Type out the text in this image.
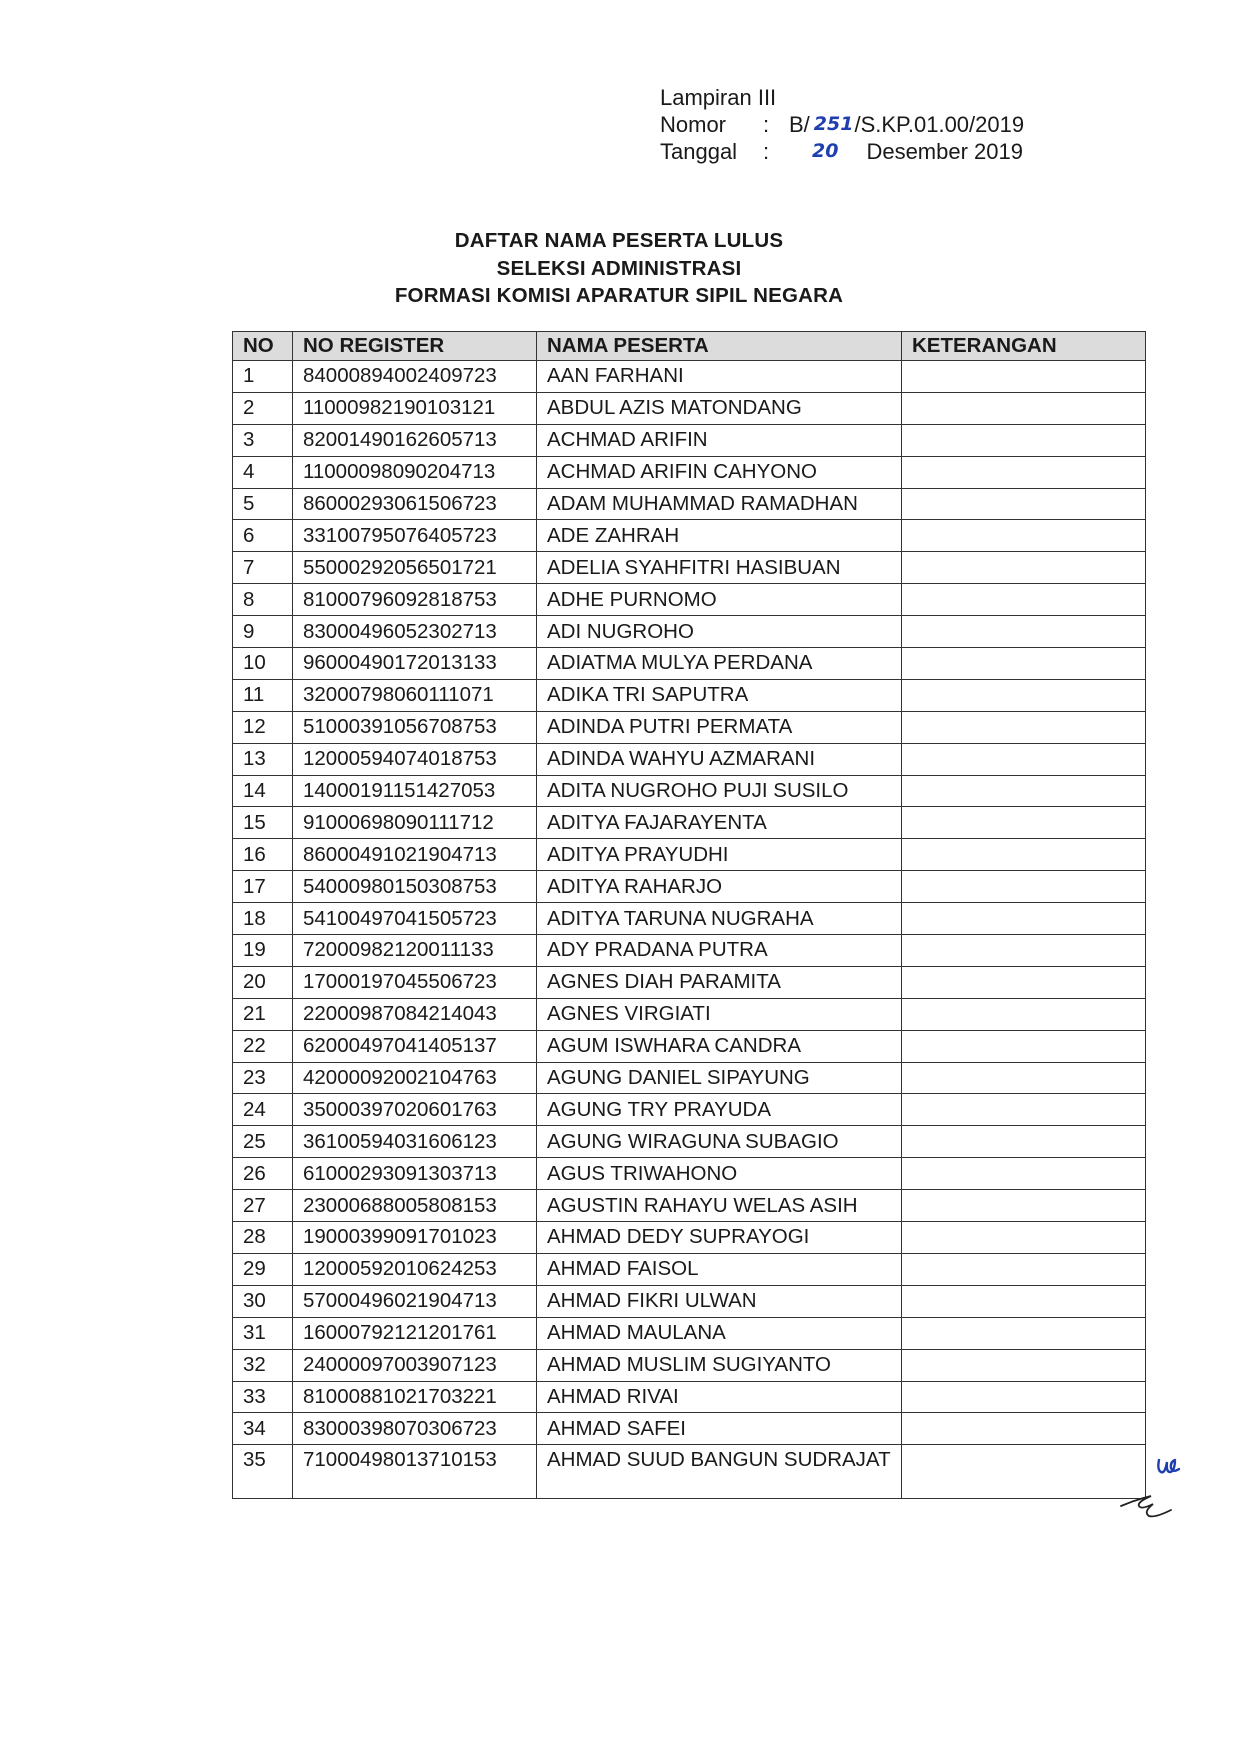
Lampiran III
Nomor	: B/ 251 /S.KP.01.00/2019
Tanggal	:	20 Desember 2019
DAFTAR NAMA PESERTA LULUS
SELEKSI ADMINISTRASI
FORMASI KOMISI APARATUR SIPIL NEGARA
NO	NO REGISTER	NAMA PESERTA	KETERANGAN
1	84000894002409723	AAN FARHANI	
2	11000982190103121	ABDUL AZIS MATONDANG	
3	82001490162605713	ACHMAD ARIFIN	
4	11000098090204713	ACHMAD ARIFIN CAHYONO	
5	86000293061506723	ADAM MUHAMMAD RAMADHAN	
6	33100795076405723	ADE ZAHRAH	
7	55000292056501721	ADELIA SYAHFITRI HASIBUAN	
8	81000796092818753	ADHE PURNOMO	
9	83000496052302713	ADI NUGROHO	
10	96000490172013133	ADIATMA MULYA PERDANA	
11	32000798060111071	ADIKA TRI SAPUTRA	
12	51000391056708753	ADINDA PUTRI PERMATA	
13	12000594074018753	ADINDA WAHYU AZMARANI	
14	14000191151427053	ADITA NUGROHO PUJI SUSILO	
15	91000698090111712	ADITYA FAJARAYENTA	
16	86000491021904713	ADITYA PRAYUDHI	
17	54000980150308753	ADITYA RAHARJO	
18	54100497041505723	ADITYA TARUNA NUGRAHA	
19	72000982120011133	ADY PRADANA PUTRA	
20	17000197045506723	AGNES DIAH PARAMITA	
21	22000987084214043	AGNES VIRGIATI	
22	62000497041405137	AGUM ISWHARA CANDRA	
23	42000092002104763	AGUNG DANIEL SIPAYUNG	
24	35000397020601763	AGUNG TRY PRAYUDA	
25	36100594031606123	AGUNG WIRAGUNA SUBAGIO	
26	61000293091303713	AGUS TRIWAHONO	
27	23000688005808153	AGUSTIN RAHAYU WELAS ASIH	
28	19000399091701023	AHMAD DEDY SUPRAYOGI	
29	12000592010624253	AHMAD FAISOL	
30	57000496021904713	AHMAD FIKRI ULWAN	
31	16000792121201761	AHMAD MAULANA	
32	24000097003907123	AHMAD MUSLIM SUGIYANTO	
33	81000881021703221	AHMAD RIVAI	
34	83000398070306723	AHMAD SAFEI	
35	71000498013710153	AHMAD SUUD BANGUN SUDRAJAT	
